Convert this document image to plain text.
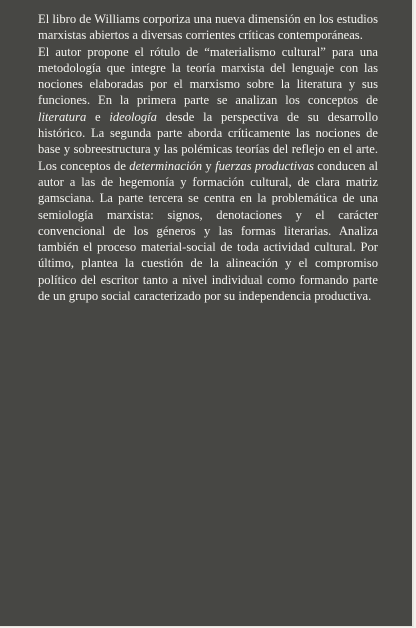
El libro de Williams corporiza una nueva dimensión en los estudios marxistas abiertos a diversas corrientes críticas contemporáneas.

El autor propone el rótulo de “materialismo cultural” para una metodología que integre la teoría marxista del lenguaje con las nociones elaboradas por el marxismo sobre la literatura y sus funciones. En la primera parte se analizan los conceptos de literatura e ideología desde la perspectiva de su desarrollo histórico. La segunda parte aborda críticamente las nociones de base y sobreestructura y las polémicas teorías del reflejo en el arte. Los conceptos de determinación y fuerzas productivas conducen al autor a las de hegemonía y formación cultural, de clara matriz gamsciana. La parte tercera se centra en la problemática de una semiología marxista: signos, denotaciones y el carácter convencional de los géneros y las formas literarias. Analiza también el proceso material-social de toda actividad cultural. Por último, plantea la cuestión de la alineación y el compromiso político del escritor tanto a nivel individual como formando parte de un grupo social caracterizado por su independencia productiva.
